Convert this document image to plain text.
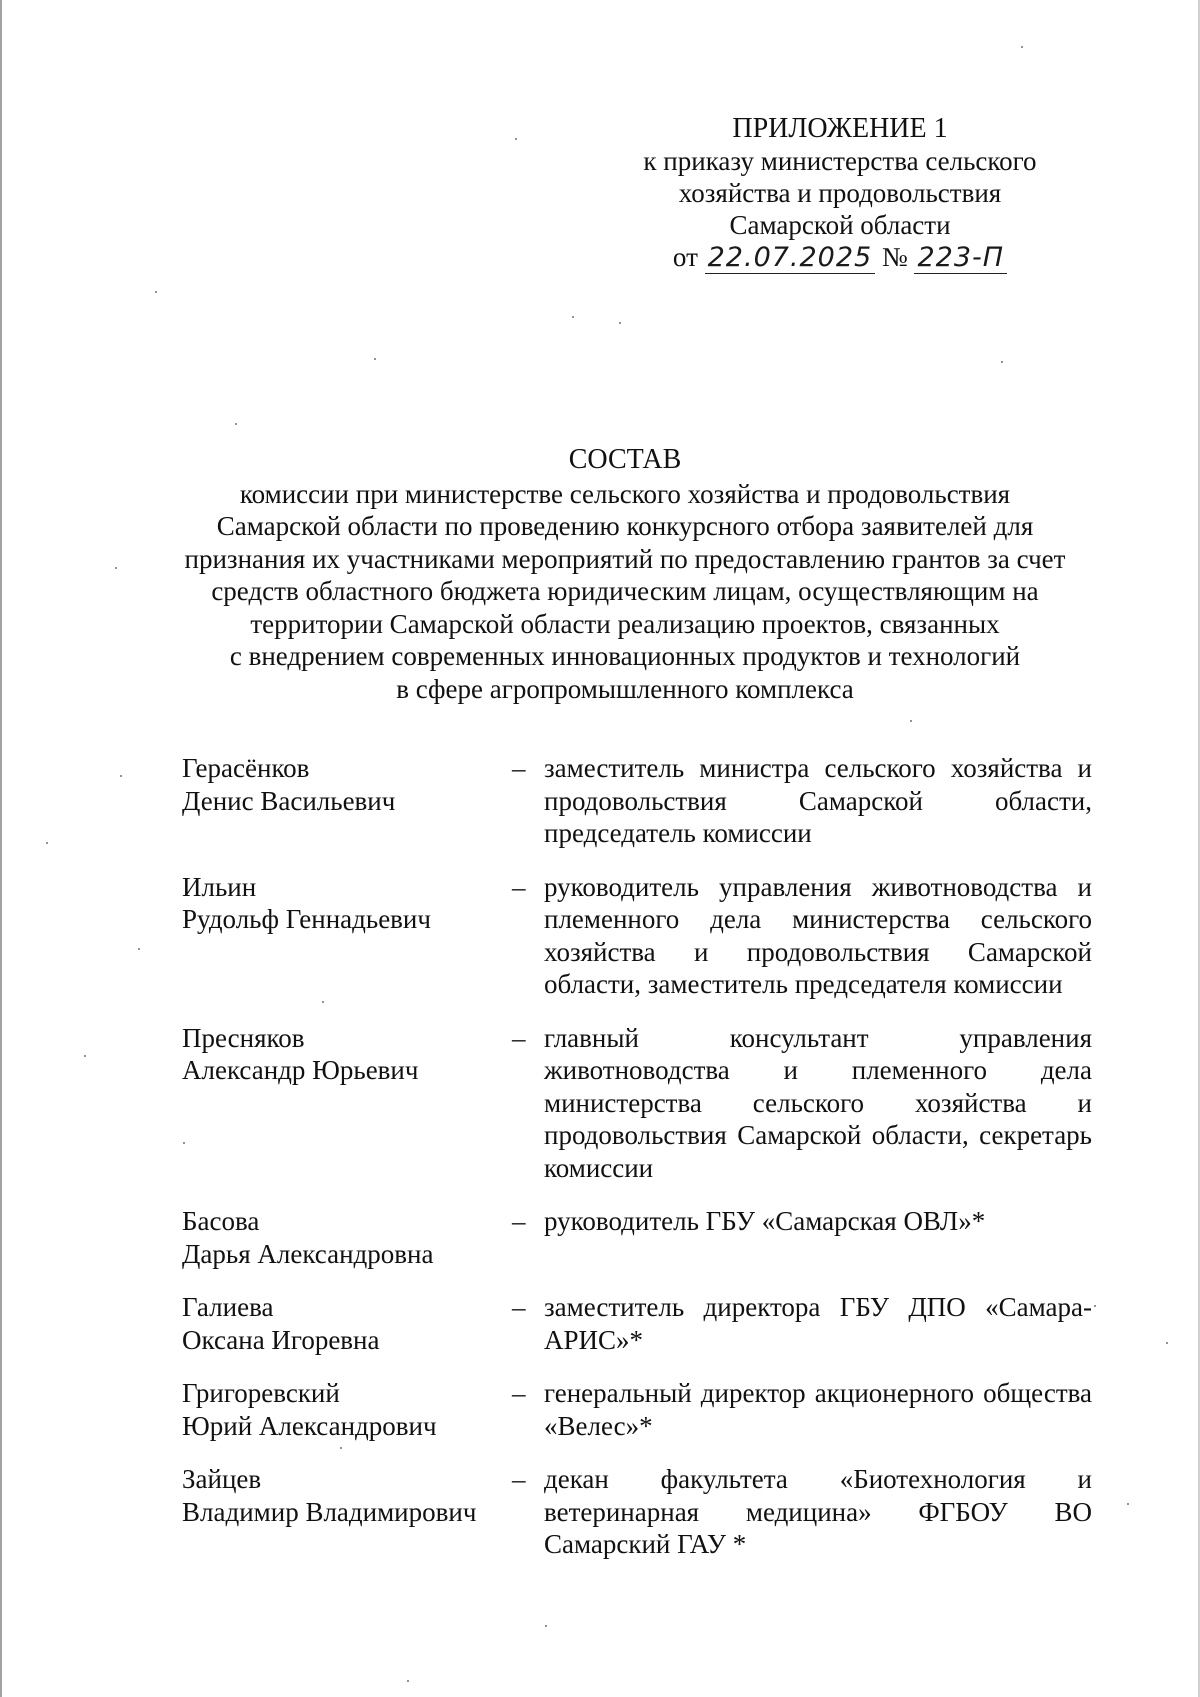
ПРИЛОЖЕНИЕ 1
к приказу министерства сельского
хозяйства и продовольствия
Самарской области
от 22.07.2025 № 223-П
СОСТАВ
комиссии при министерстве сельского хозяйства и продовольствия
Самарской области по проведению конкурсного отбора заявителей для
признания их участниками мероприятий по предоставлению грантов за счет
средств областного бюджета юридическим лицам, осуществляющим на
территории Самарской области реализацию проектов, связанных
с внедрением современных инновационных продуктов и технологий
в сфере агропромышленного комплекса
Герасёнков
Денис Васильевич
– заместитель министра сельского хозяйства и продовольствия Самарской области, председатель комиссии
Ильин
Рудольф Геннадьевич
– руководитель управления животноводства и племенного дела министерства сельского хозяйства и продовольствия Самарской области, заместитель председателя комиссии
Пресняков
Александр Юрьевич
– главный консультант управления животноводства и племенного дела министерства сельского хозяйства и продовольствия Самарской области, секретарь комиссии
Басова
Дарья Александровна
– руководитель ГБУ «Самарская ОВЛ»*
Галиева
Оксана Игоревна
– заместитель директора ГБУ ДПО «Самара-АРИС»*
Григоревский
Юрий Александрович
– генеральный директор акционерного общества «Велес»*
Зайцев
Владимир Владимирович
– декан факультета «Биотехнология и ветеринарная медицина» ФГБОУ ВО Самарский ГАУ *
